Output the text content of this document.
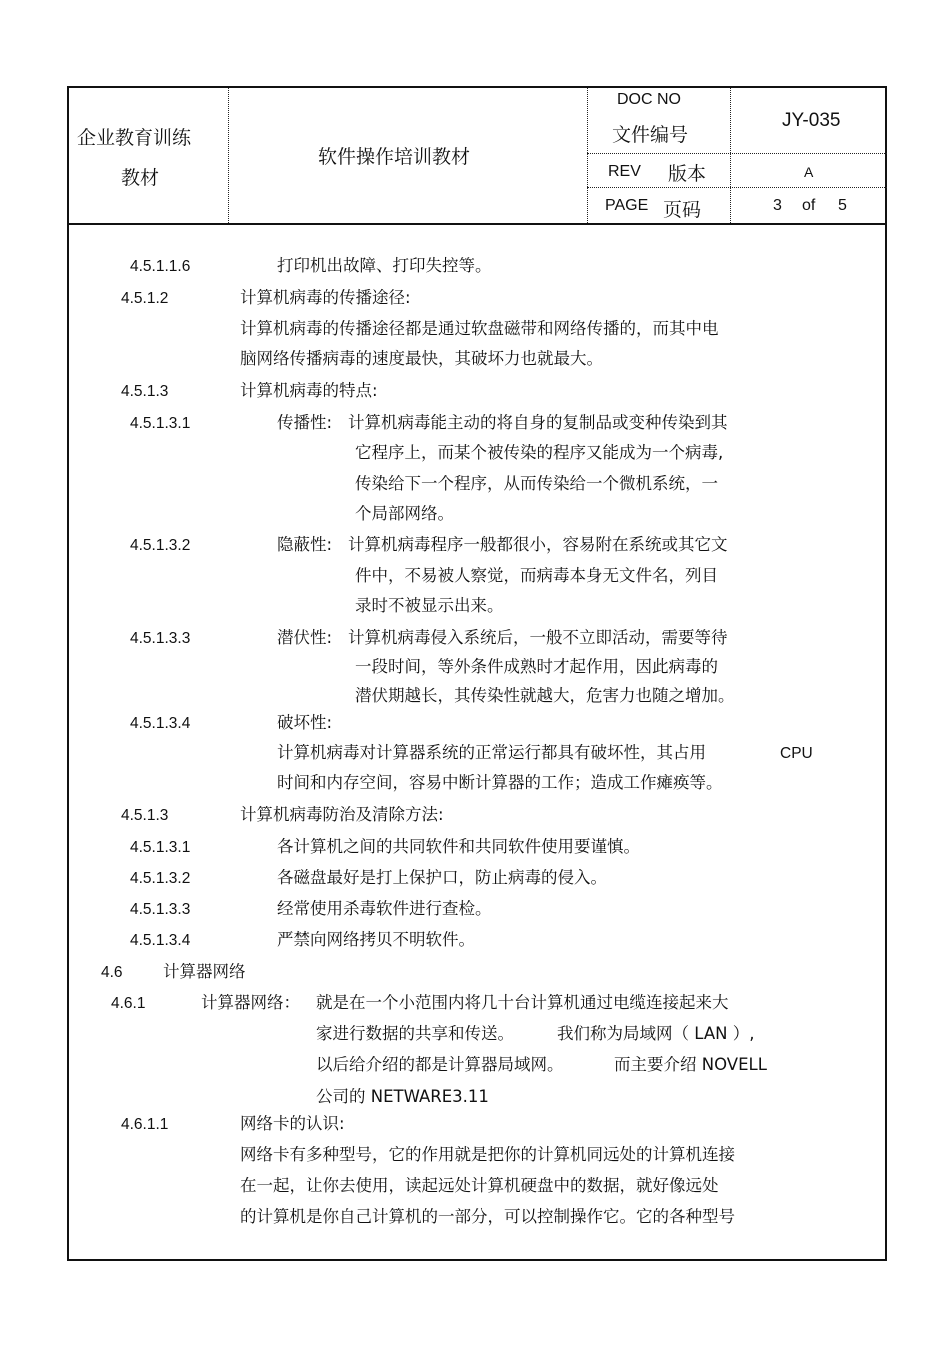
企业教育训练
教材
软件操作培训教材
DOC NO
文件编号
JY-035
REV 版本	A
PAGE 页码	3 of 5
4.5.1.1.6	打印机出故障、打印失控等。
4.5.1.2	计算机病毒的传播途径:
计算机病毒的传播途径都是通过软盘磁带和网络传播的，而其中电
脑网络传播病毒的速度最快，其破坏力也就最大。
4.5.1.3	计算机病毒的特点:
4.5.1.3.1	传播性: 计算机病毒能主动的将自身的复制品或变种传染到其
它程序上，而某个被传染的程序又能成为一个病毒,
传染给下一个程序，从而传染给一个微机系统，一
个局部网络。
4.5.1.3.2	隐蔽性: 计算机病毒程序一般都很小，容易附在系统或其它文
件中，不易被人察觉，而病毒本身无文件名，列目
录时不被显示出来。
4.5.1.3.3	潜伏性: 计算机病毒侵入系统后，一般不立即活动，需要等待
一段时间，等外条件成熟时才起作用，因此病毒的
潜伏期越长，其传染性就越大，危害力也随之增加。
4.5.1.3.4	破坏性:
计算机病毒对计算器系统的正常运行都具有破坏性，其占用	CPU
时间和内存空间，容易中断计算器的工作；造成工作瘫痪等。
4.5.1.3	计算机病毒防治及清除方法:
4.5.1.3.1	各计算机之间的共同软件和共同软件使用要谨慎。
4.5.1.3.2	各磁盘最好是打上保护口，防止病毒的侵入。
4.5.1.3.3	经常使用杀毒软件进行查检。
4.5.1.3.4	严禁向网络拷贝不明软件。
4.6 计算器网络
4.6.1	计算器网络： 就是在一个小范围内将几十台计算机通过电缆连接起来大
家进行数据的共享和传送。	我们称为局域网（ LAN ）,
以后给介绍的都是计算器局域网。	而主要介绍 NOVELL
公司的 NETWARE3.11
4.6.1.1	网络卡的认识:
网络卡有多种型号，它的作用就是把你的计算机同远处的计算机连接
在一起，让你去使用，读起远处计算机硬盘中的数据，就好像远处
的计算机是你自己计算机的一部分，可以控制操作它。它的各种型号
